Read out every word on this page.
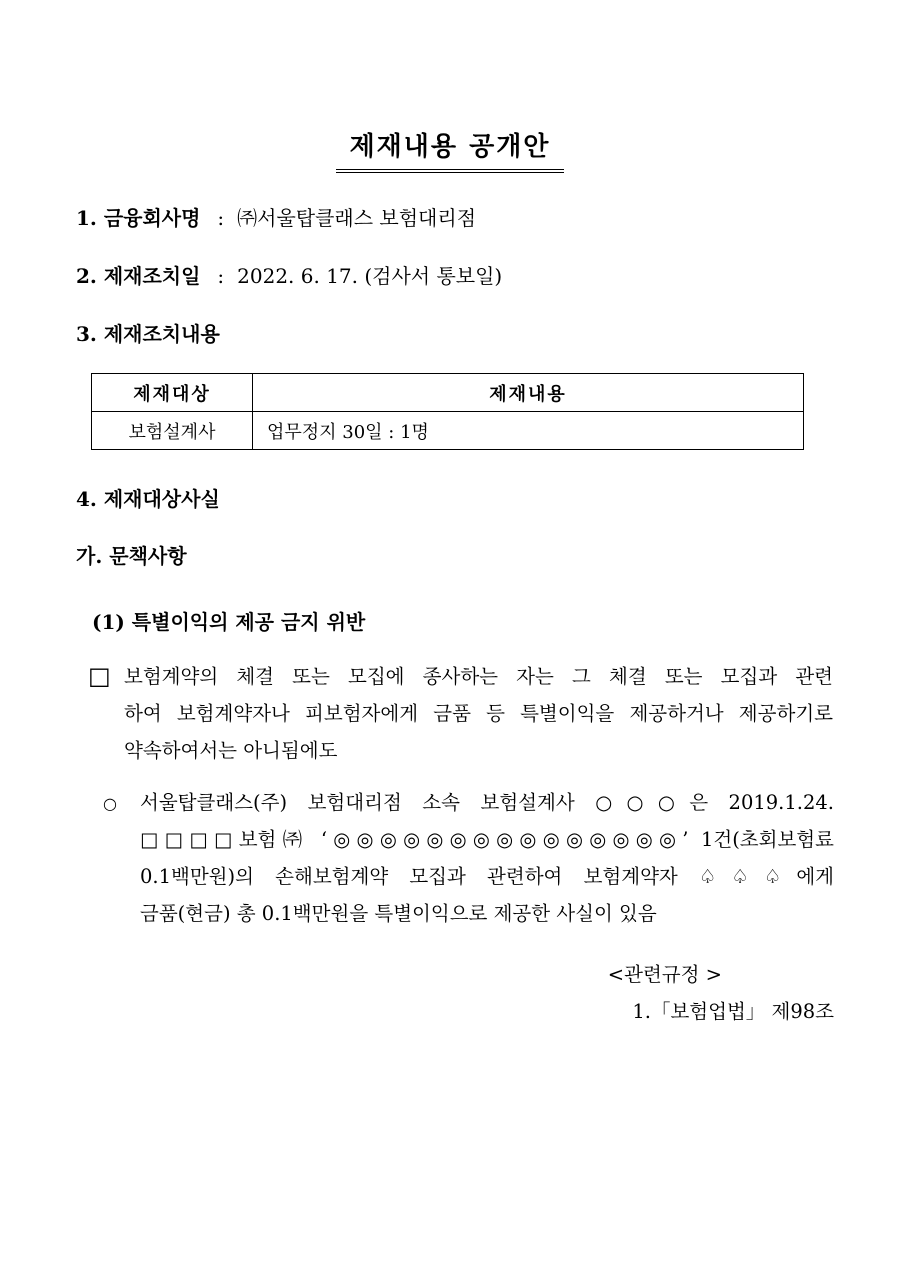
제재내용 공개안
1. 금융회사명 : ㈜서울탑클래스 보험대리점
2. 제재조치일 : 2022. 6. 17. (검사서 통보일)
3. 제재조치내용
제재대상	제재내용
보험설계사	업무정지 30일 : 1명
4. 제재대상사실
가. 문책사항
(1) 특별이익의 제공 금지 위반
□ 보험계약의 체결 또는 모집에 종사하는 자는 그 체결 또는 모집과 관련
하여 보험계약자나 피보험자에게 금품 등 특별이익을 제공하거나 제공하기로
약속하여서는 아니됨에도
○ 서울탑클래스(주) 보험대리점 소속 보험설계사 ○○○은 2019.1.24.
□□□□보험㈜ ‘◎◎◎◎◎◎◎◎◎◎◎◎◎◎◎’ 1건(초회보험료
0.1백만원)의 손해보험계약 모집과 관련하여 보험계약자 ♤♤♤에게
금품(현금) 총 0.1백만원을 특별이익으로 제공한 사실이 있음
<관련규정 >
1.「보험업법」 제98조
